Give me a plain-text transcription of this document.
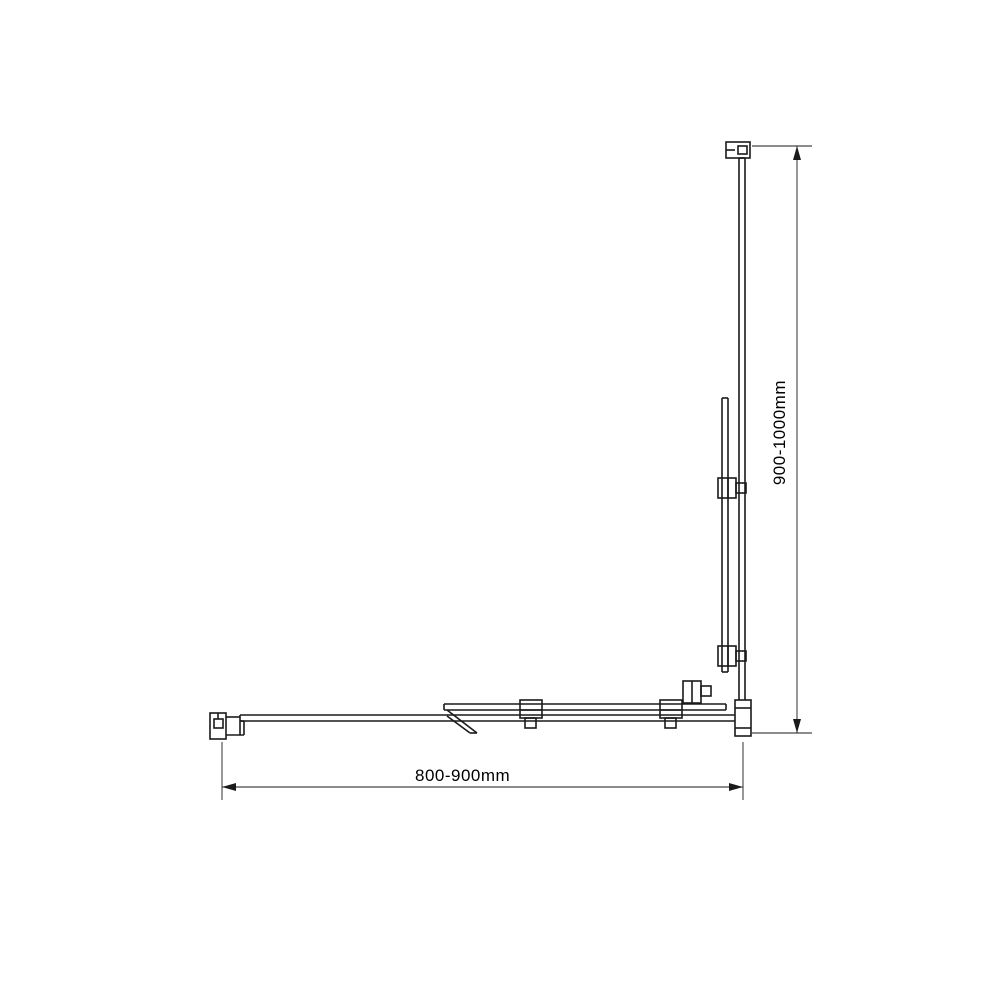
800-900mm
900-1000mm
